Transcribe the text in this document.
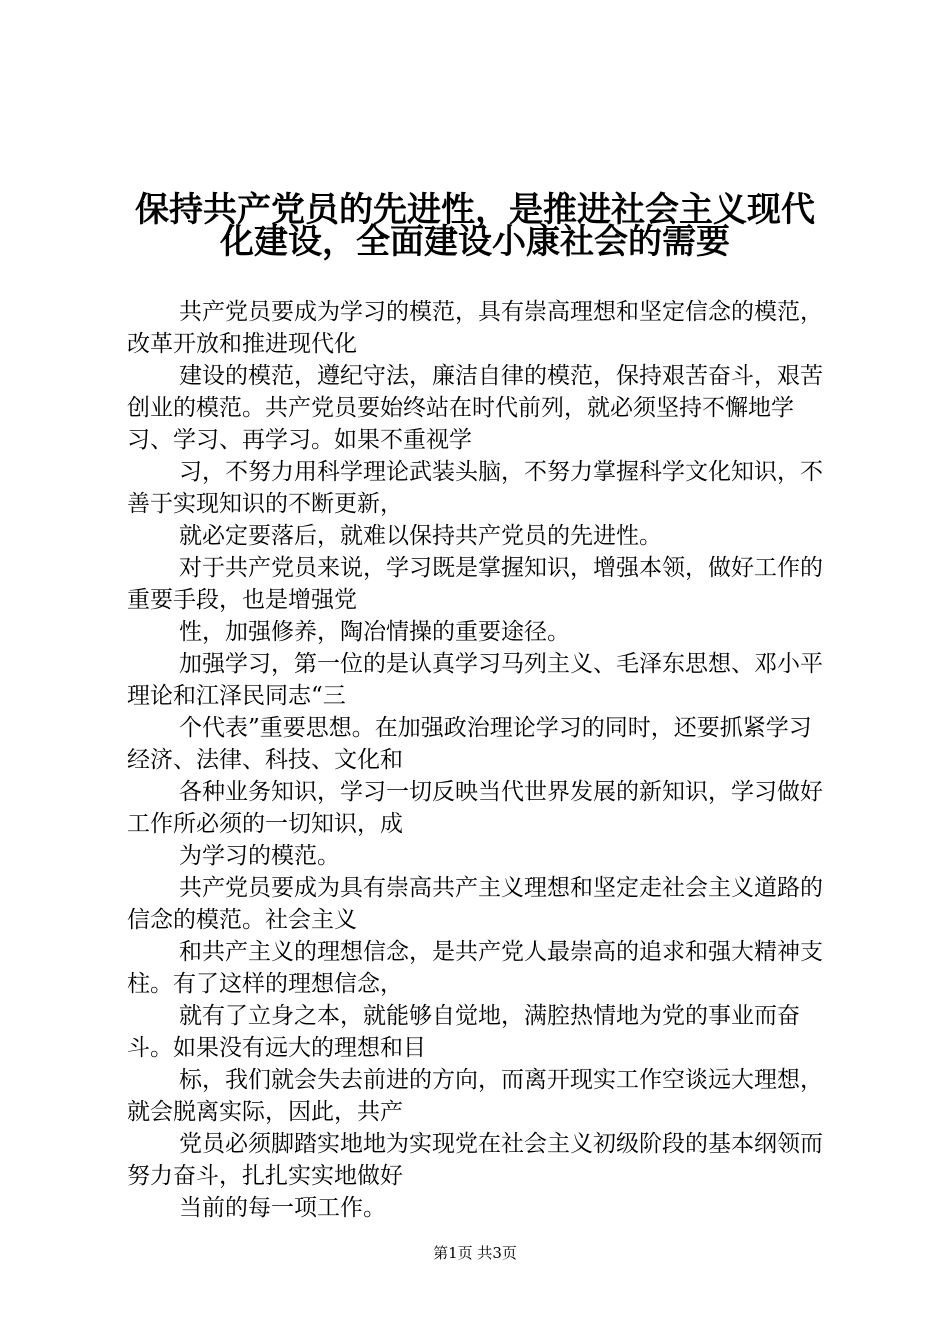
保持共产党员的先进性，是推进社会主义现代
化建设，全面建设小康社会的需要

共产党员要成为学习的模范，具有崇高理想和坚定信念的模范，改革开放和推进现代化

建设的模范，遵纪守法，廉洁自律的模范，保持艰苦奋斗，艰苦创业的模范。共产党员要始终站在时代前列，就必须坚持不懈地学习、学习、再学习。如果不重视学

习，不努力用科学理论武装头脑，不努力掌握科学文化知识，不善于实现知识的不断更新，

就必定要落后，就难以保持共产党员的先进性。

对于共产党员来说，学习既是掌握知识，增强本领，做好工作的重要手段，也是增强党

性，加强修养，陶冶情操的重要途径。

加强学习，第一位的是认真学习马列主义、毛泽东思想、邓小平理论和江泽民同志“三

个代表”重要思想。在加强政治理论学习的同时，还要抓紧学习经济、法律、科技、文化和

各种业务知识，学习一切反映当代世界发展的新知识，学习做好工作所必须的一切知识，成

为学习的模范。

共产党员要成为具有崇高共产主义理想和坚定走社会主义道路的信念的模范。社会主义

和共产主义的理想信念，是共产党人最崇高的追求和强大精神支柱。有了这样的理想信念，

就有了立身之本，就能够自觉地，满腔热情地为党的事业而奋斗。如果没有远大的理想和目

标，我们就会失去前进的方向，而离开现实工作空谈远大理想，就会脱离实际，因此，共产

党员必须脚踏实地地为实现党在社会主义初级阶段的基本纲领而努力奋斗，扎扎实实地做好

当前的每一项工作。

第1页 共3页
